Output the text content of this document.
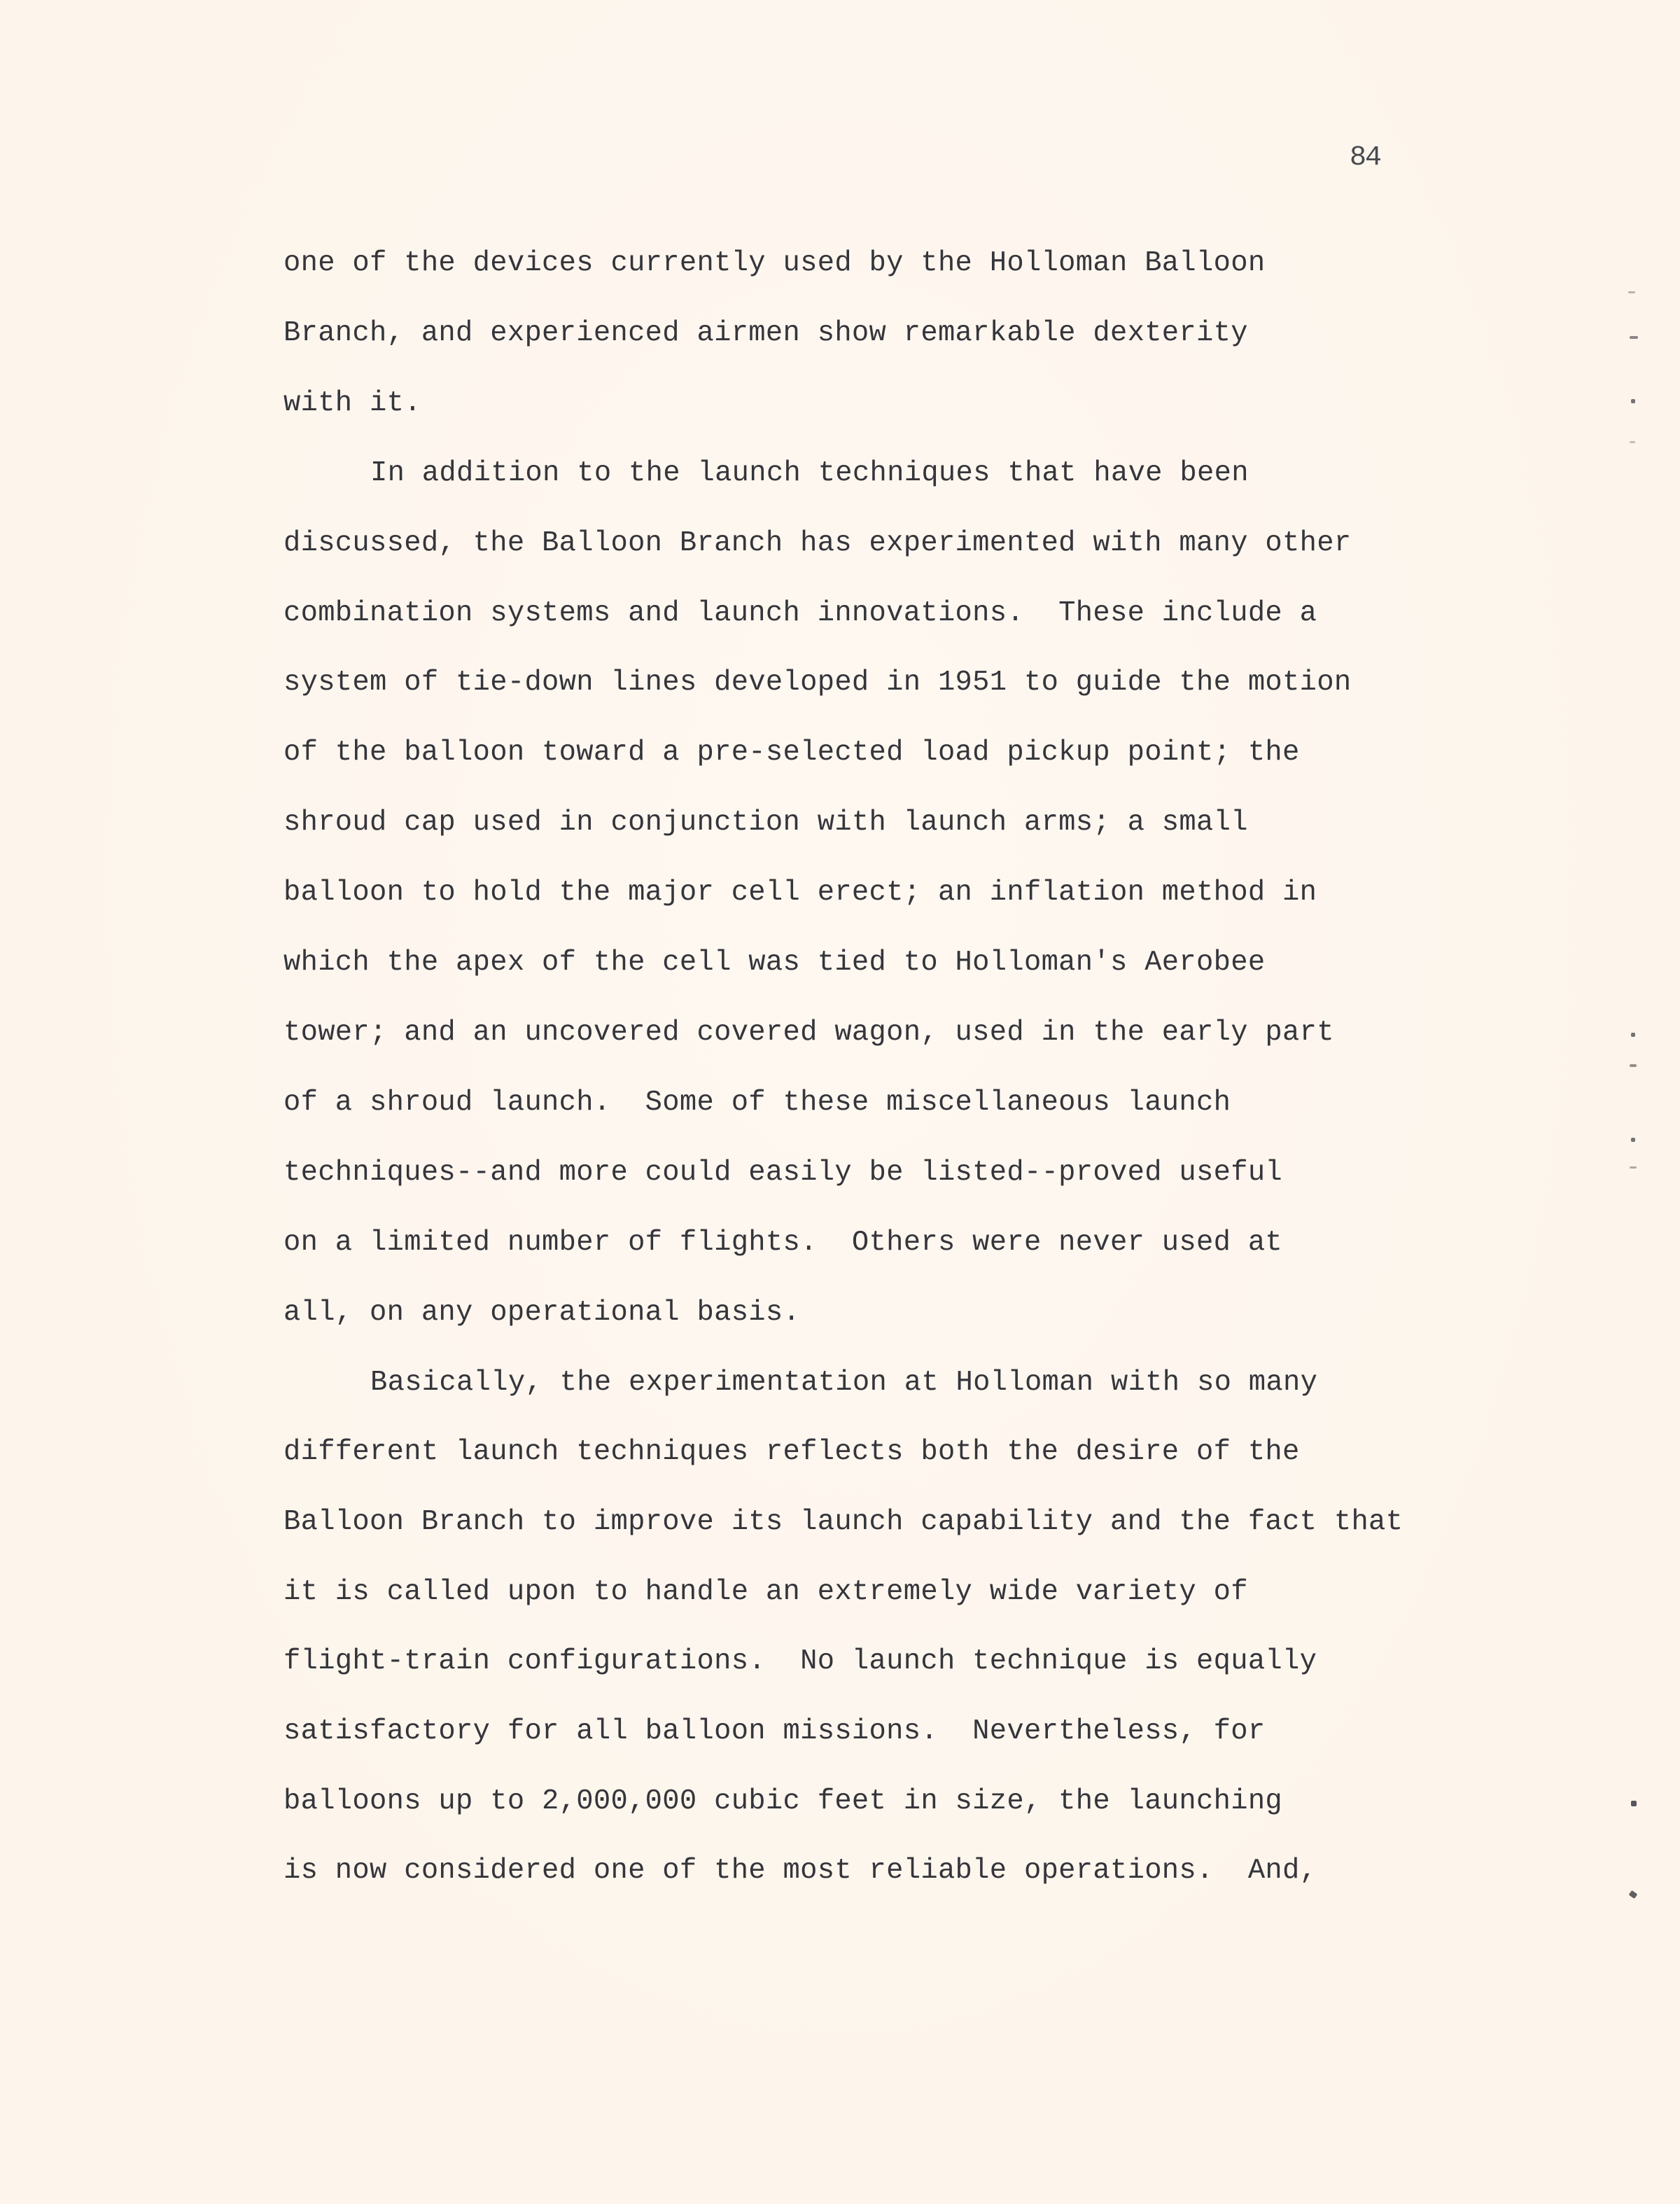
84
one of the devices currently used by the Holloman Balloon
Branch, and experienced airmen show remarkable dexterity
with it.
In addition to the launch techniques that have been
discussed, the Balloon Branch has experimented with many other
combination systems and launch innovations.  These include a
system of tie-down lines developed in 1951 to guide the motion
of the balloon toward a pre-selected load pickup point; the
shroud cap used in conjunction with launch arms; a small
balloon to hold the major cell erect; an inflation method in
which the apex of the cell was tied to Holloman's Aerobee
tower; and an uncovered covered wagon, used in the early part
of a shroud launch.  Some of these miscellaneous launch
techniques--and more could easily be listed--proved useful
on a limited number of flights.  Others were never used at
all, on any operational basis.
Basically, the experimentation at Holloman with so many
different launch techniques reflects both the desire of the
Balloon Branch to improve its launch capability and the fact that
it is called upon to handle an extremely wide variety of
flight-train configurations.  No launch technique is equally
satisfactory for all balloon missions.  Nevertheless, for
balloons up to 2,000,000 cubic feet in size, the launching
is now considered one of the most reliable operations.  And,
